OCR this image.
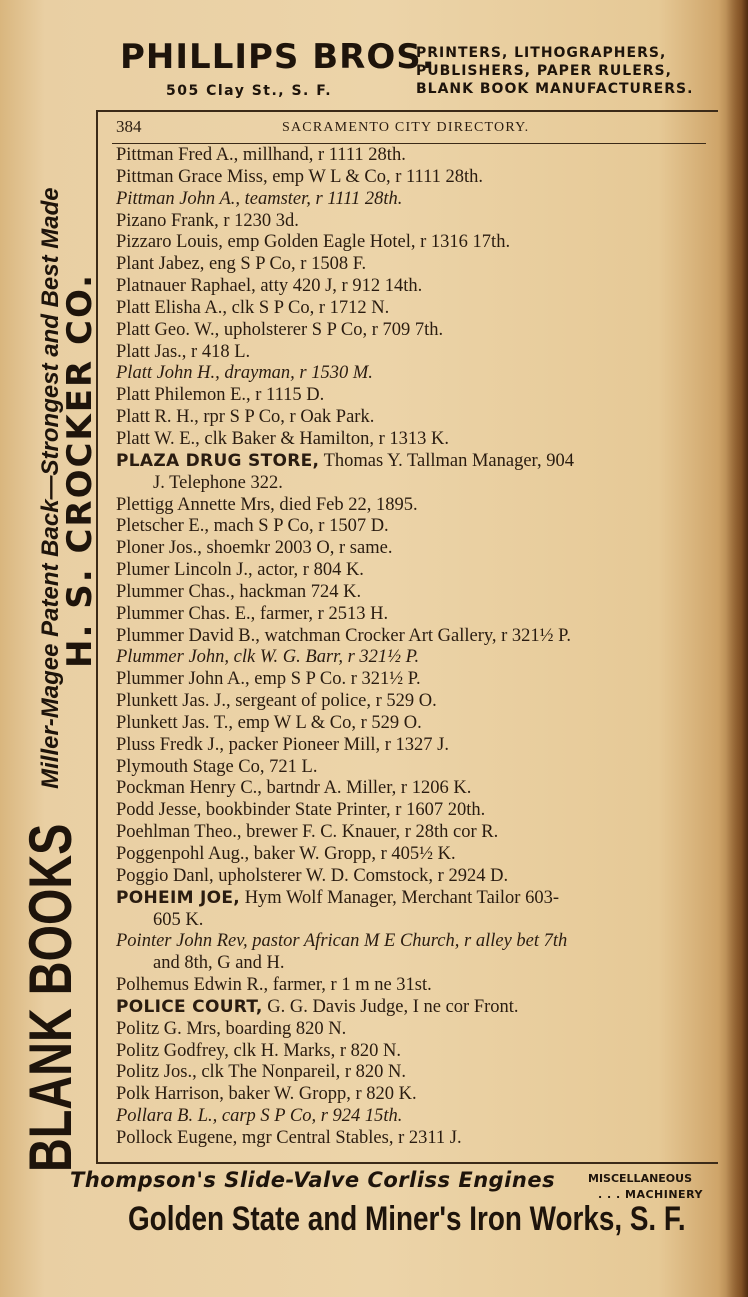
PHILLIPS BROS.
505 Clay St., S. F.
PRINTERS, LITHOGRAPHERS,
PUBLISHERS, PAPER RULERS,
BLANK BOOK MANUFACTURERS.
BLANK BOOKS Miller-Magee Patent Back—Strongest and Best Made
H. S. CROCKER CO.
384	SACRAMENTO CITY DIRECTORY.
Pittman Fred A., millhand, r 1111 28th.
Pittman Grace Miss, emp W L & Co, r 1111 28th.
Pittman John A., teamster, r 1111 28th.
Pizano Frank, r 1230 3d.
Pizzaro Louis, emp Golden Eagle Hotel, r 1316 17th.
Plant Jabez, eng S P Co, r 1508 F.
Platnauer Raphael, atty 420 J, r 912 14th.
Platt Elisha A., clk S P Co, r 1712 N.
Platt Geo. W., upholsterer S P Co, r 709 7th.
Platt Jas., r 418 L.
Platt John H., drayman, r 1530 M.
Platt Philemon E., r 1115 D.
Platt R. H., rpr S P Co, r Oak Park.
Platt W. E., clk Baker & Hamilton, r 1313 K.
PLAZA DRUG STORE, Thomas Y. Tallman Manager, 904
J. Telephone 322.
Plettigg Annette Mrs, died Feb 22, 1895.
Pletscher E., mach S P Co, r 1507 D.
Ploner Jos., shoemkr 2003 O, r same.
Plumer Lincoln J., actor, r 804 K.
Plummer Chas., hackman 724 K.
Plummer Chas. E., farmer, r 2513 H.
Plummer David B., watchman Crocker Art Gallery, r 321½ P.
Plummer John, clk W. G. Barr, r 321½ P.
Plummer John A., emp S P Co. r 321½ P.
Plunkett Jas. J., sergeant of police, r 529 O.
Plunkett Jas. T., emp W L & Co, r 529 O.
Pluss Fredk J., packer Pioneer Mill, r 1327 J.
Plymouth Stage Co, 721 L.
Pockman Henry C., bartndr A. Miller, r 1206 K.
Podd Jesse, bookbinder State Printer, r 1607 20th.
Poehlman Theo., brewer F. C. Knauer, r 28th cor R.
Poggenpohl Aug., baker W. Gropp, r 405½ K.
Poggio Danl, upholsterer W. D. Comstock, r 2924 D.
POHEIM JOE, Hym Wolf Manager, Merchant Tailor 603-
605 K.
Pointer John Rev, pastor African M E Church, r alley bet 7th
and 8th, G and H.
Polhemus Edwin R., farmer, r 1 m ne 31st.
POLICE COURT, G. G. Davis Judge, I ne cor Front.
Politz G. Mrs, boarding 820 N.
Politz Godfrey, clk H. Marks, r 820 N.
Politz Jos., clk The Nonpareil, r 820 N.
Polk Harrison, baker W. Gropp, r 820 K.
Pollara B. L., carp S P Co, r 924 15th.
Pollock Eugene, mgr Central Stables, r 2311 J.
Thompson's Slide-Valve Corliss Engines	MISCELLANEOUS
. . . MACHINERY
Golden State and Miner's Iron Works, S. F.
